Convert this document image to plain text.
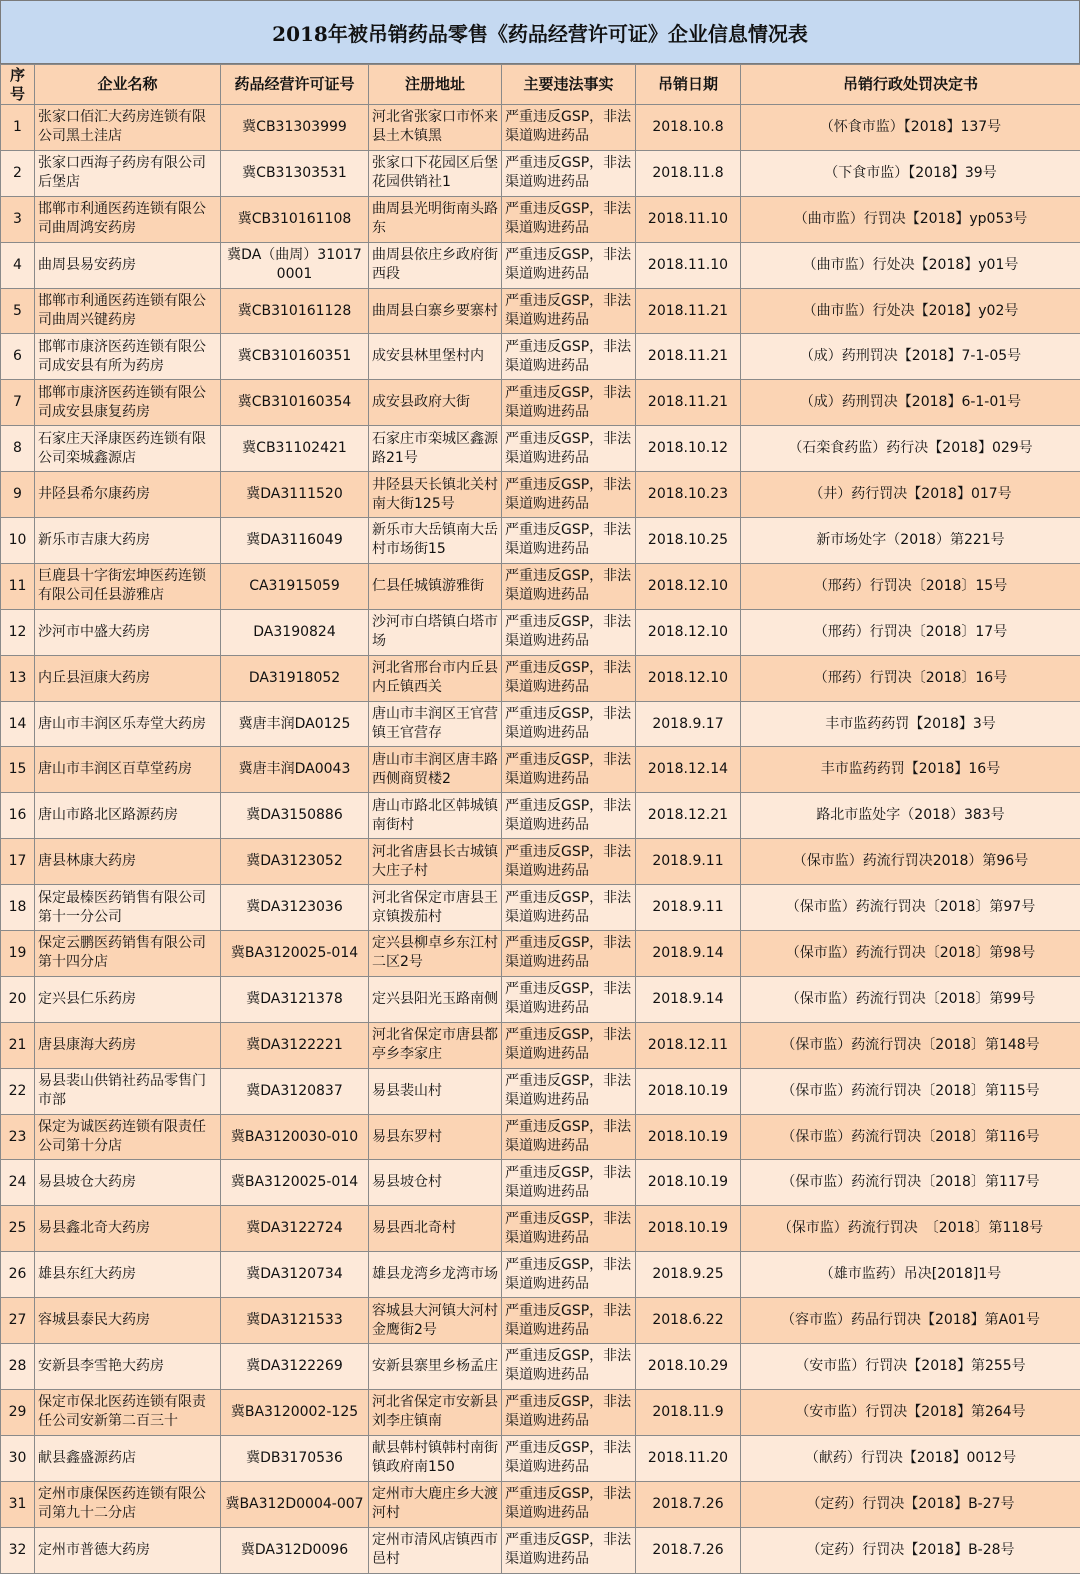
2018年被吊销药品零售《药品经营许可证》企业信息情况表
序号	企业名称	药品经营许可证号	注册地址	主要违法事实	吊销日期	吊销行政处罚决定书
1	张家口佰汇大药房连锁有限公司黑土洼店	冀CB31303999	河北省张家口市怀来县土木镇黑	严重违反GSP，非法渠道购进药品	2018.10.8	（怀食市监）【2018】137号
2	张家口西海子药房有限公司后堡店	冀CB31303531	张家口下花园区后堡花园供销社1	严重违反GSP，非法渠道购进药品	2018.11.8	（下食市监）【2018】39号
3	邯郸市利通医药连锁有限公司曲周鸿安药房	冀CB310161108	曲周县光明街南头路东	严重违反GSP，非法渠道购进药品	2018.11.10	（曲市监）行罚决【2018】yp053号
4	曲周县易安药房	冀DA（曲周）310170001	曲周县依庄乡政府街西段	严重违反GSP，非法渠道购进药品	2018.11.10	（曲市监）行处决【2018】y01号
5	邯郸市利通医药连锁有限公司曲周兴键药房	冀CB310161128	曲周县白寨乡要寨村	严重违反GSP，非法渠道购进药品	2018.11.21	（曲市监）行处决【2018】y02号
6	邯郸市康济医药连锁有限公司成安县有所为药房	冀CB310160351	成安县林里堡村内	严重违反GSP，非法渠道购进药品	2018.11.21	（成）药刑罚决【2018】7-1-05号
7	邯郸市康济医药连锁有限公司成安县康复药房	冀CB310160354	成安县政府大街	严重违反GSP，非法渠道购进药品	2018.11.21	（成）药刑罚决【2018】6-1-01号
8	石家庄天泽康医药连锁有限公司栾城鑫源店	冀CB31102421	石家庄市栾城区鑫源路21号	严重违反GSP，非法渠道购进药品	2018.10.12	（石栾食药监）药行决【2018】029号
9	井陉县希尔康药房	冀DA3111520	井陉县天长镇北关村南大街125号	严重违反GSP，非法渠道购进药品	2018.10.23	（井）药行罚决【2018】017号
10	新乐市吉康大药房	冀DA3116049	新乐市大岳镇南大岳村市场街15	严重违反GSP，非法渠道购进药品	2018.10.25	新市场处字（2018）第221号
11	巨鹿县十字街宏坤医药连锁有限公司任县游雅店	CA31915059	仁县任城镇游雅街	严重违反GSP，非法渠道购进药品	2018.12.10	（邢药）行罚决〔2018〕15号
12	沙河市中盛大药房	DA3190824	沙河市白塔镇白塔市场	严重违反GSP，非法渠道购进药品	2018.12.10	（邢药）行罚决〔2018〕17号
13	内丘县洹康大药房	DA31918052	河北省邢台市内丘县内丘镇西关	严重违反GSP，非法渠道购进药品	2018.12.10	（邢药）行罚决〔2018〕16号
14	唐山市丰润区乐寿堂大药房	冀唐丰润DA0125	唐山市丰润区王官营镇王官营存	严重违反GSP，非法渠道购进药品	2018.9.17	丰市监药药罚【2018】3号
15	唐山市丰润区百草堂药房	冀唐丰润DA0043	唐山市丰润区唐丰路西侧商贸楼2	严重违反GSP，非法渠道购进药品	2018.12.14	丰市监药药罚【2018】16号
16	唐山市路北区路源药房	冀DA3150886	唐山市路北区韩城镇南街村	严重违反GSP，非法渠道购进药品	2018.12.21	路北市监处字（2018）383号
17	唐县林康大药房	冀DA3123052	河北省唐县长古城镇大庄子村	严重违反GSP，非法渠道购进药品	2018.9.11	（保市监）药流行罚决2018）第96号
18	保定最榛医药销售有限公司第十一分公司	冀DA3123036	河北省保定市唐县王京镇拨茄村	严重违反GSP，非法渠道购进药品	2018.9.11	（保市监）药流行罚决〔2018〕第97号
19	保定云鹏医药销售有限公司第十四分店	冀BA3120025-014	定兴县柳卓乡东江村二区2号	严重违反GSP，非法渠道购进药品	2018.9.14	（保市监）药流行罚决〔2018〕第98号
20	定兴县仁乐药房	冀DA3121378	定兴县阳光玉路南侧	严重违反GSP，非法渠道购进药品	2018.9.14	（保市监）药流行罚决〔2018〕第99号
21	唐县康海大药房	冀DA3122221	河北省保定市唐县都亭乡李家庄	严重违反GSP，非法渠道购进药品	2018.12.11	（保市监）药流行罚决〔2018〕第148号
22	易县裴山供销社药品零售门市部	冀DA3120837	易县裴山村	严重违反GSP，非法渠道购进药品	2018.10.19	（保市监）药流行罚决〔2018〕第115号
23	保定为诚医药连锁有限责任公司第十分店	冀BA3120030-010	易县东罗村	严重违反GSP，非法渠道购进药品	2018.10.19	（保市监）药流行罚决〔2018〕第116号
24	易县坡仓大药房	冀BA3120025-014	易县坡仓村	严重违反GSP，非法渠道购进药品	2018.10.19	（保市监）药流行罚决〔2018〕第117号
25	易县鑫北奇大药房	冀DA3122724	易县西北奇村	严重违反GSP，非法渠道购进药品	2018.10.19	（保市监）药流行罚决　〔2018〕第118号
26	雄县东红大药房	冀DA3120734	雄县龙湾乡龙湾市场	严重违反GSP，非法渠道购进药品	2018.9.25	（雄市监药）吊决[2018]1号
27	容城县泰民大药房	冀DA3121533	容城县大河镇大河村金鹰街2号	严重违反GSP，非法渠道购进药品	2018.6.22	（容市监）药品行罚决【2018】第A01号
28	安新县李雪艳大药房	冀DA3122269	安新县寨里乡杨孟庄	严重违反GSP，非法渠道购进药品	2018.10.29	（安市监）行罚决【2018】第255号
29	保定市保北医药连锁有限责任公司安新第二百三十	冀BA3120002-125	河北省保定市安新县刘李庄镇南	严重违反GSP，非法渠道购进药品	2018.11.9	（安市监）行罚决【2018】第264号
30	献县鑫盛源药店	冀DB3170536	献县韩村镇韩村南街镇政府南150	严重违反GSP，非法渠道购进药品	2018.11.20	（献药）行罚决【2018】0012号
31	定州市康保医药连锁有限公司第九十二分店	冀BA312D0004-007	定州市大鹿庄乡大渡河村	严重违反GSP，非法渠道购进药品	2018.7.26	（定药）行罚决【2018】B-27号
32	定州市普德大药房	冀DA312D0096	定州市清风店镇西市邑村	严重违反GSP，非法渠道购进药品	2018.7.26	（定药）行罚决【2018】B-28号
